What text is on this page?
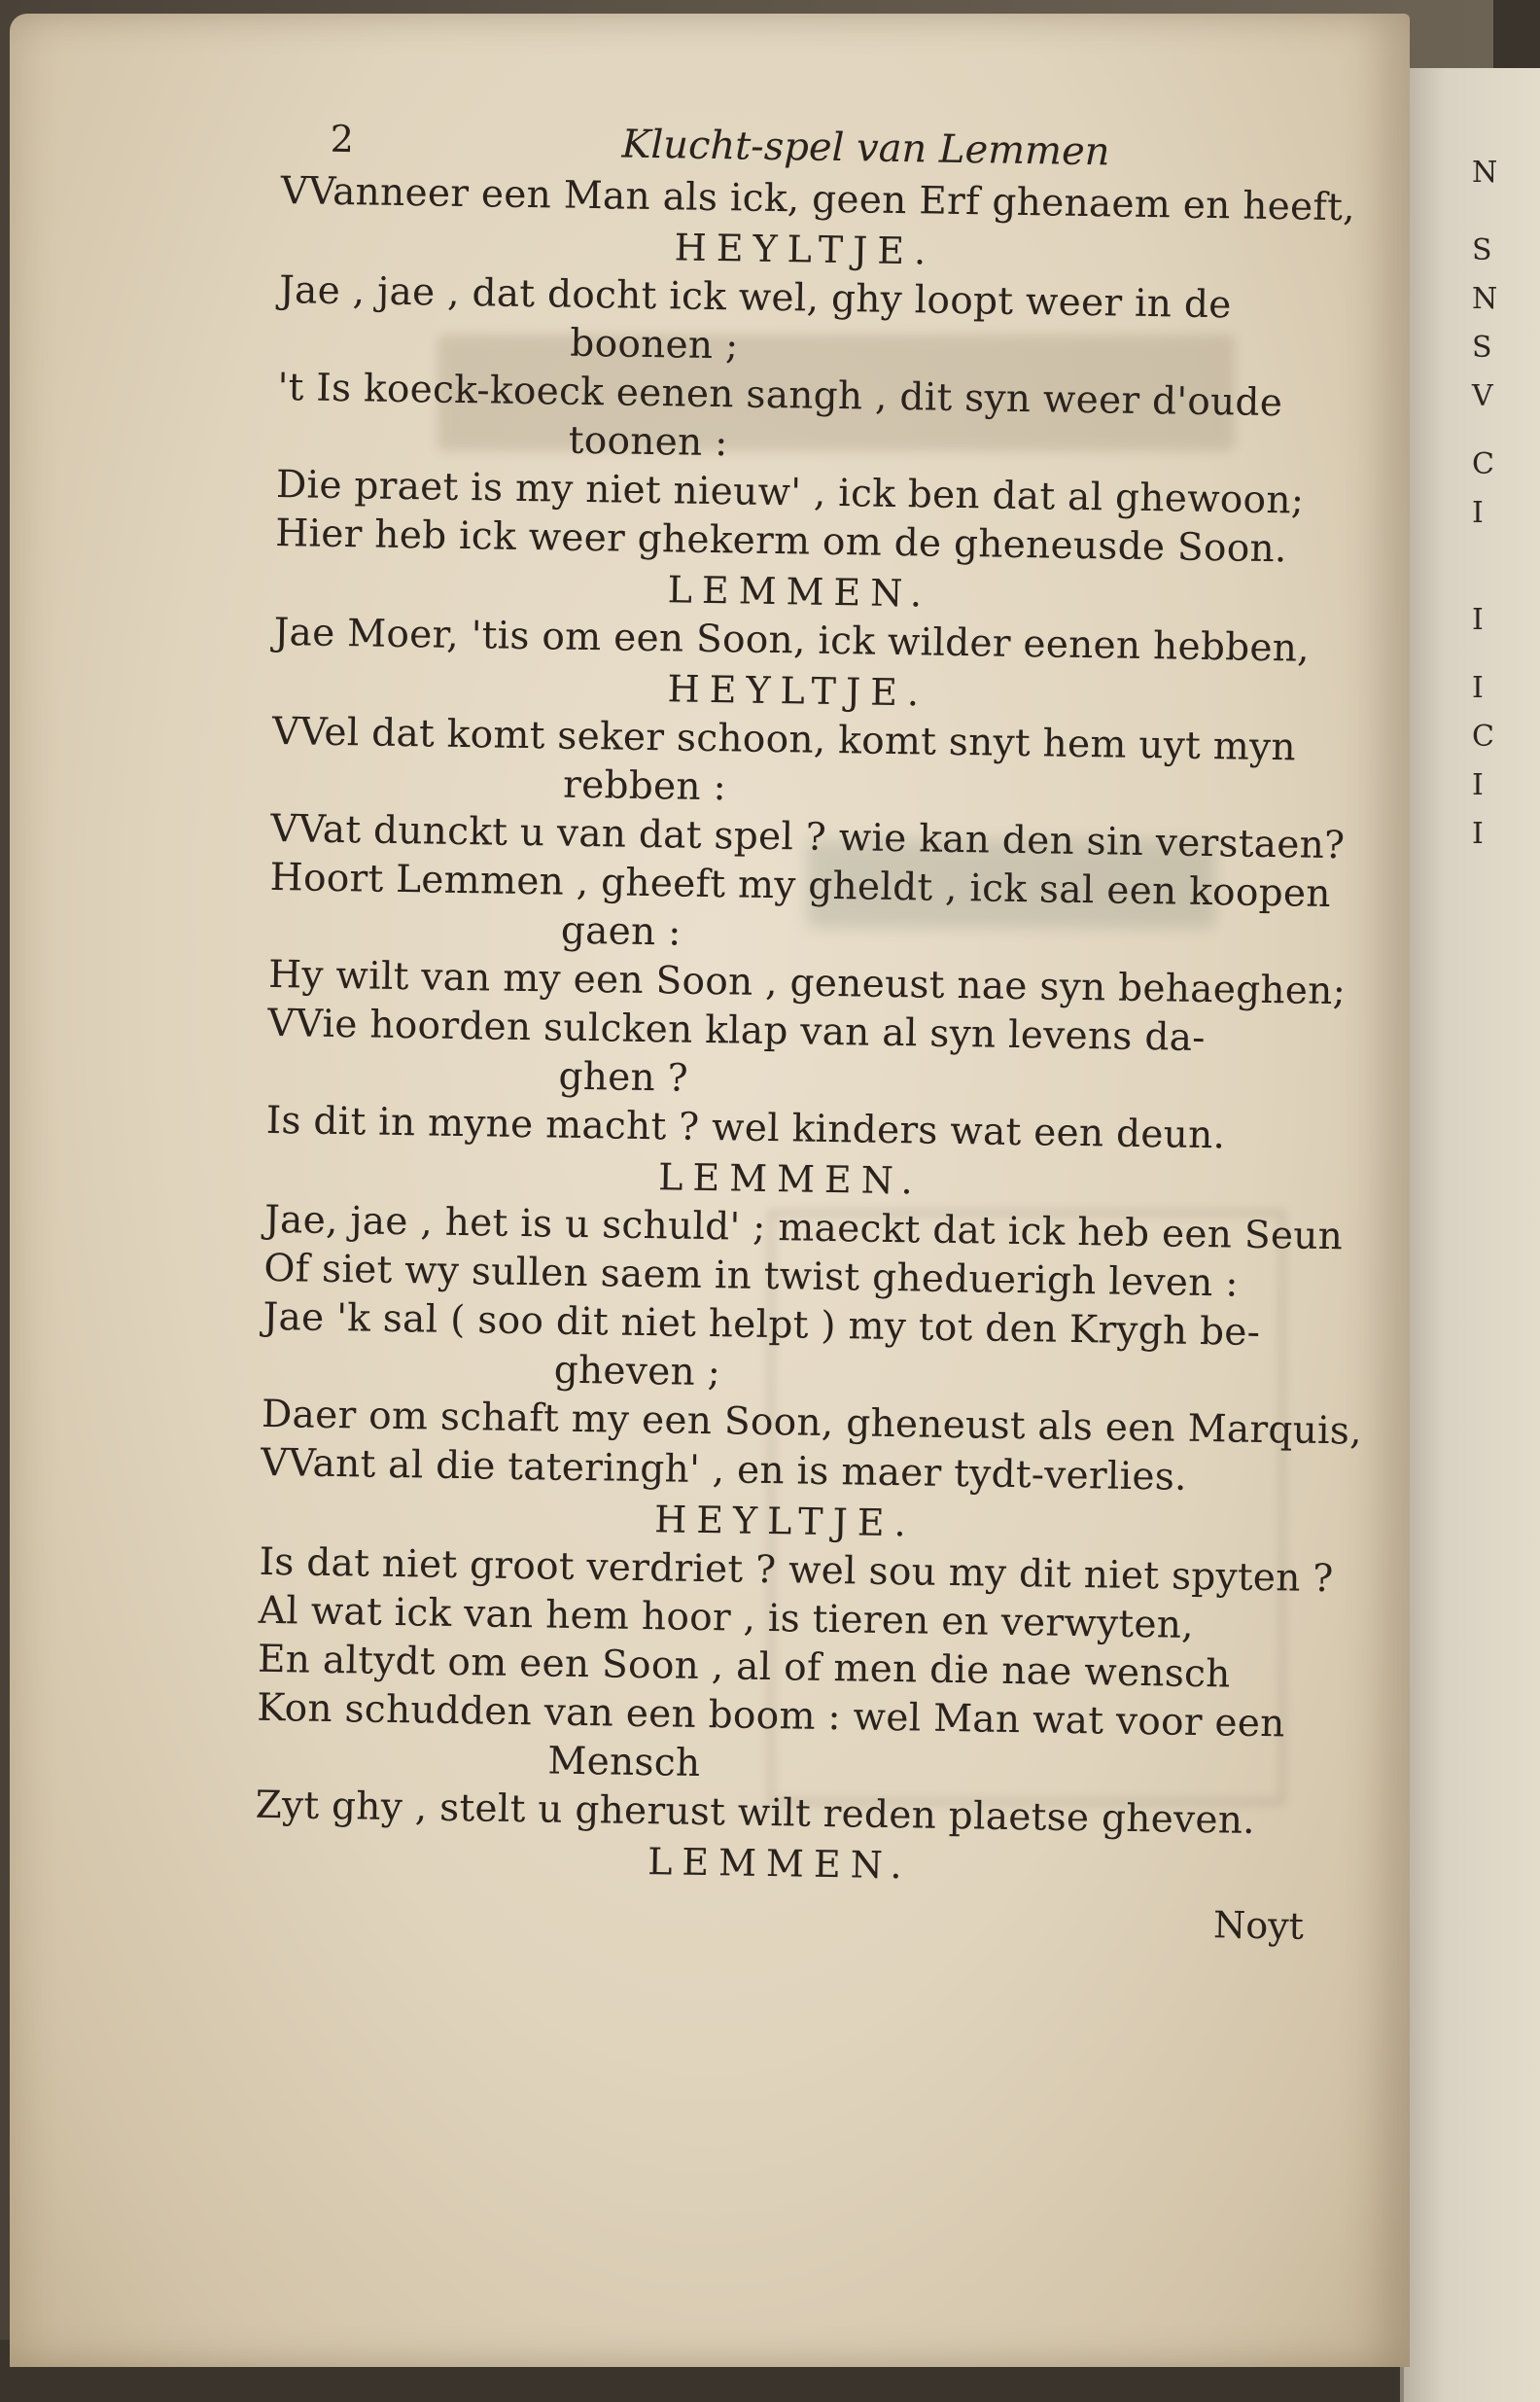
N
S
N
S
V
C
I
I
I
C
I
I
2	Klucht-spel van Lemmen
VVanneer een Man als ick, geen Erf ghenaem en heeft,
HEYLTJE.
Jae , jae , dat docht ick wel, ghy loopt weer in de
boonen ;
't Is koeck-koeck eenen sangh , dit syn weer d'oude
toonen :
Die praet is my niet nieuw' , ick ben dat al ghewoon;
Hier heb ick weer ghekerm om de gheneusde Soon.
LEMMEN.
Jae Moer, 'tis om een Soon, ick wilder eenen hebben,
HEYLTJE.
VVel dat komt seker schoon, komt snyt hem uyt myn
rebben :
VVat dunckt u van dat spel ? wie kan den sin verstaen?
Hoort Lemmen , gheeft my gheldt , ick sal een koopen
gaen :
Hy wilt van my een Soon , geneust nae syn behaeghen;
VVie hoorden sulcken klap van al syn levens da-
ghen ?
Is dit in myne macht ? wel kinders wat een deun.
LEMMEN.
Jae, jae , het is u schuld' ; maeckt dat ick heb een Seun
Of siet wy sullen saem in twist gheduerigh leven :
Jae 'k sal ( soo dit niet helpt ) my tot den Krygh be-
gheven ;
Daer om schaft my een Soon, gheneust als een Marquis,
VVant al die tateringh' , en is maer tydt-verlies.
HEYLTJE.
Is dat niet groot verdriet ? wel sou my dit niet spyten ?
Al wat ick van hem hoor , is tieren en verwyten,
En altydt om een Soon , al of men die nae wensch
Kon schudden van een boom : wel Man wat voor een
Mensch
Zyt ghy , stelt u gherust wilt reden plaetse gheven.
LEMMEN.
Noyt
